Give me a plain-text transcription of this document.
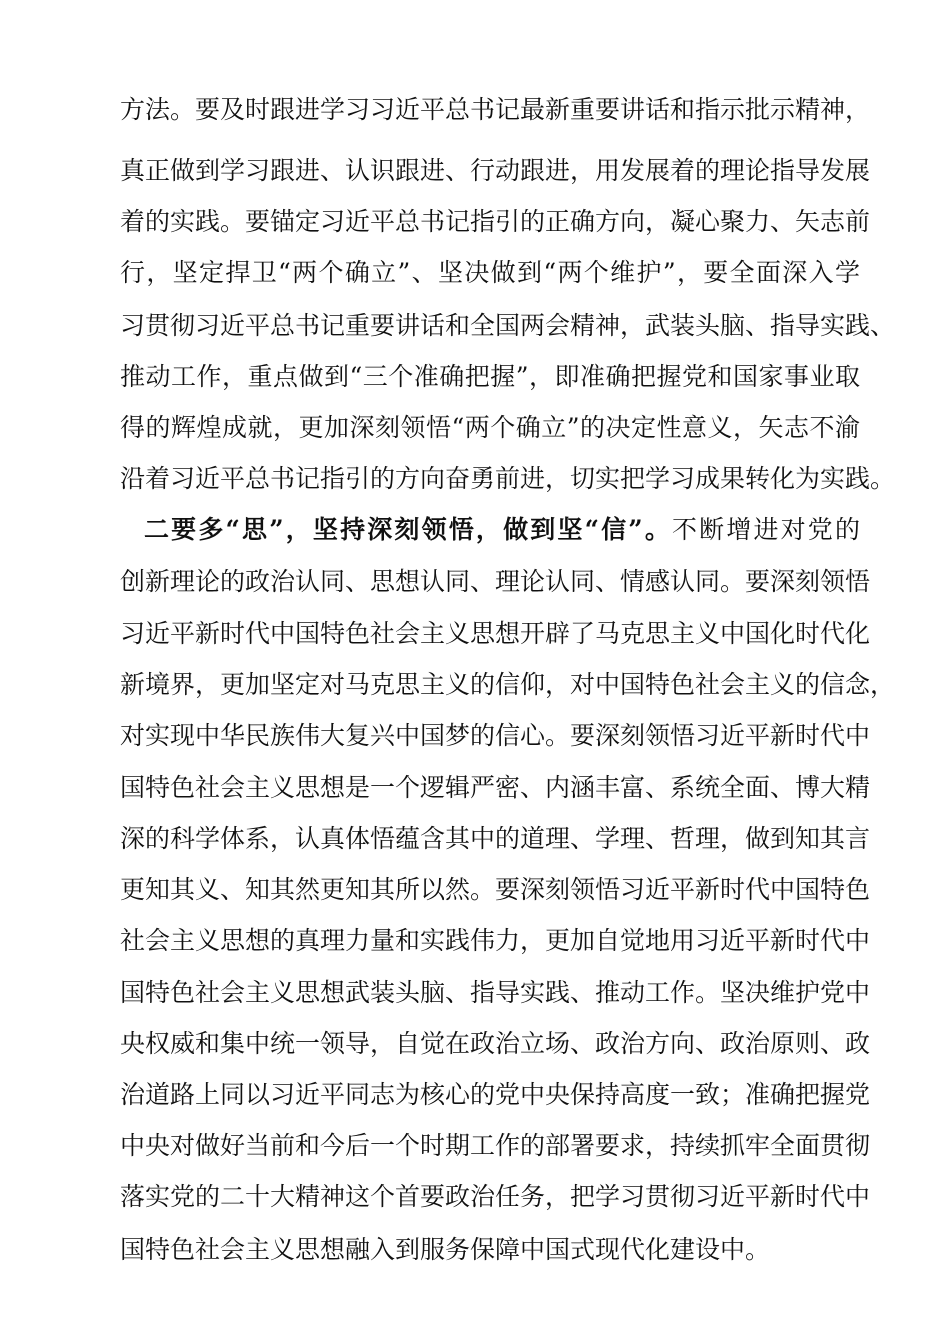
方法。要及时跟进学习习近平总书记最新重要讲话和指示批示精神，
真正做到学习跟进、认识跟进、行动跟进，用发展着的理论指导发展
着的实践。要锚定习近平总书记指引的正确方向，凝心聚力、矢志前
行，坚定捍卫“两个确立”、坚决做到“两个维护”，要全面深入学
习贯彻习近平总书记重要讲话和全国两会精神，武装头脑、指导实践、
推动工作，重点做到“三个准确把握”，即准确把握党和国家事业取
得的辉煌成就，更加深刻领悟“两个确立”的决定性意义，矢志不渝
沿着习近平总书记指引的方向奋勇前进，切实把学习成果转化为实践。
二要多“思”，坚持深刻领悟，做到坚“信”。不断增进对党的
创新理论的政治认同、思想认同、理论认同、情感认同。要深刻领悟
习近平新时代中国特色社会主义思想开辟了马克思主义中国化时代化
新境界，更加坚定对马克思主义的信仰，对中国特色社会主义的信念，
对实现中华民族伟大复兴中国梦的信心。要深刻领悟习近平新时代中
国特色社会主义思想是一个逻辑严密、内涵丰富、系统全面、博大精
深的科学体系，认真体悟蕴含其中的道理、学理、哲理，做到知其言
更知其义、知其然更知其所以然。要深刻领悟习近平新时代中国特色
社会主义思想的真理力量和实践伟力，更加自觉地用习近平新时代中
国特色社会主义思想武装头脑、指导实践、推动工作。坚决维护党中
央权威和集中统一领导，自觉在政治立场、政治方向、政治原则、政
治道路上同以习近平同志为核心的党中央保持高度一致；准确把握党
中央对做好当前和今后一个时期工作的部署要求，持续抓牢全面贯彻
落实党的二十大精神这个首要政治任务，把学习贯彻习近平新时代中
国特色社会主义思想融入到服务保障中国式现代化建设中。
